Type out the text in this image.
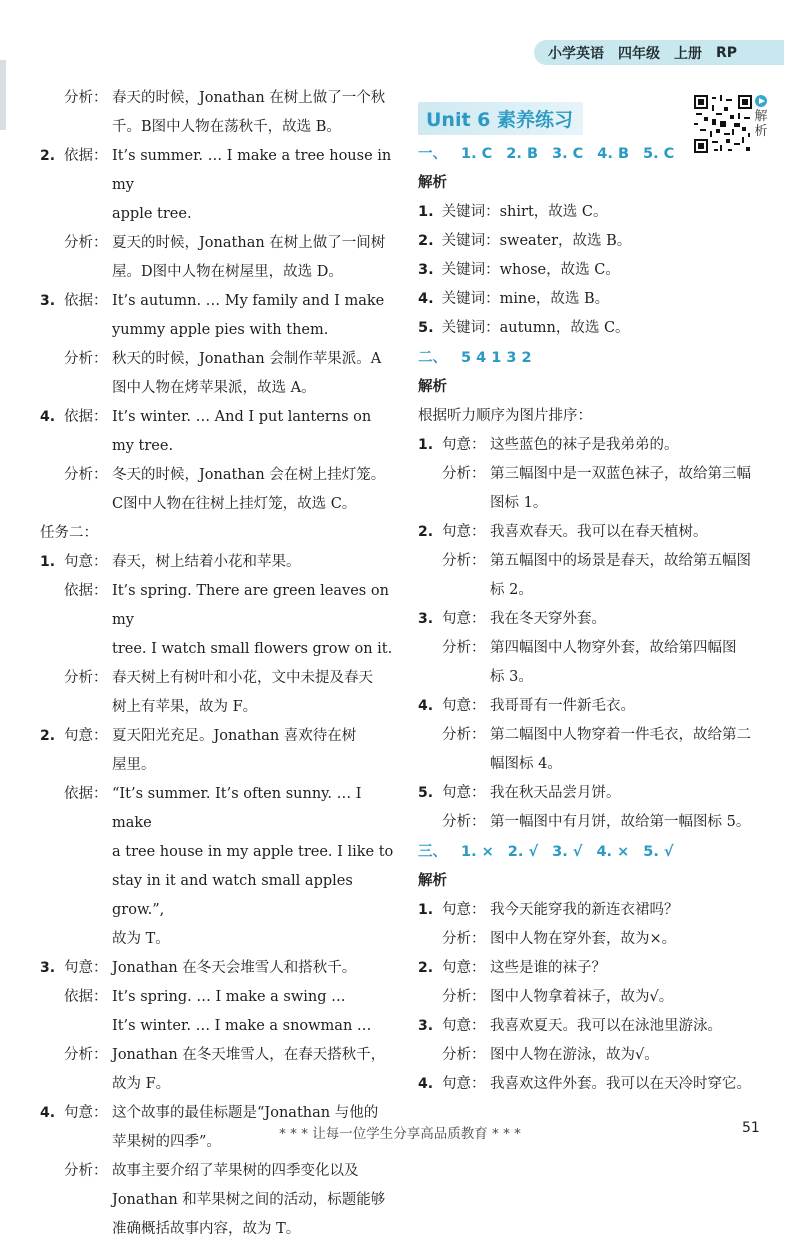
小学英语 四年级 上册 RP
分析： 春天的时候，Jonathan 在树上做了一个秋
千。B图中人物在荡秋千，故选 B。
2. 依据： It’s summer. … I make a tree house in my
apple tree.
分析： 夏天的时候，Jonathan 在树上做了一间树
屋。D图中人物在树屋里，故选 D。
3. 依据： It’s autumn. … My family and I make
yummy apple pies with them.
分析： 秋天的时候，Jonathan 会制作苹果派。A
图中人物在烤苹果派，故选 A。
4. 依据： It’s winter. … And I put lanterns on my tree.
分析： 冬天的时候，Jonathan 会在树上挂灯笼。
C图中人物在往树上挂灯笼，故选 C。
任务二：
1. 句意： 春天，树上结着小花和苹果。
依据： It’s spring. There are green leaves on my
tree. I watch small flowers grow on it.
分析： 春天树上有树叶和小花，文中未提及春天
树上有苹果，故为 F。
2. 句意： 夏天阳光充足。Jonathan 喜欢待在树
屋里。
依据： “It’s summer. It’s often sunny. … I make
a tree house in my apple tree. I like to
stay in it and watch small apples grow.”,
故为 T。
3. 句意： Jonathan 在冬天会堆雪人和搭秋千。
依据： It’s spring. … I make a swing …
It’s winter. … I make a snowman …
分析： Jonathan 在冬天堆雪人，在春天搭秋千，
故为 F。
4. 句意： 这个故事的最佳标题是“Jonathan 与他的
苹果树的四季”。
分析： 故事主要介绍了苹果树的四季变化以及
Jonathan 和苹果树之间的活动，标题能够
准确概括故事内容，故为 T。
Unit 6 素养练习
一、 1. C 2. B 3. C 4. B 5. C
解析
1. 关键词：shirt，故选 C。
2. 关键词：sweater，故选 B。
3. 关键词：whose，故选 C。
4. 关键词：mine，故选 B。
5. 关键词：autumn，故选 C。
二、 5 4 1 3 2
解析
根据听力顺序为图片排序：
1. 句意： 这些蓝色的袜子是我弟弟的。
分析： 第三幅图中是一双蓝色袜子，故给第三幅
图标 1。
2. 句意： 我喜欢春天。我可以在春天植树。
分析： 第五幅图中的场景是春天，故给第五幅图
标 2。
3. 句意： 我在冬天穿外套。
分析： 第四幅图中人物穿外套，故给第四幅图
标 3。
4. 句意： 我哥哥有一件新毛衣。
分析： 第二幅图中人物穿着一件毛衣，故给第二
幅图标 4。
5. 句意： 我在秋天品尝月饼。
分析： 第一幅图中有月饼，故给第一幅图标 5。
三、 1. × 2. √ 3. √ 4. × 5. √
解析
1. 句意： 我今天能穿我的新连衣裙吗？
分析： 图中人物在穿外套，故为×。
2. 句意： 这些是谁的袜子？
分析： 图中人物拿着袜子，故为√。
3. 句意： 我喜欢夏天。我可以在泳池里游泳。
分析： 图中人物在游泳，故为√。
4. 句意： 我喜欢这件外套。我可以在天冷时穿它。
解
析
* * * 让每一位学生分享高品质教育 * * *	51
